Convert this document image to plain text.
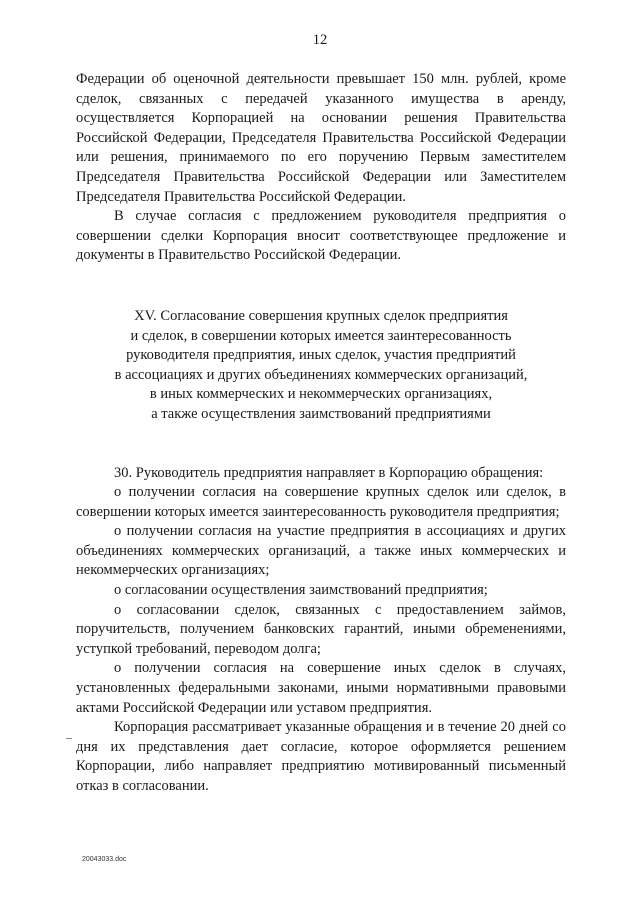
12

Федерации об оценочной деятельности превышает 150 млн. рублей, кроме сделок, связанных с передачей указанного имущества в аренду, осуществляется Корпорацией на основании решения Правительства Российской Федерации, Председателя Правительства Российской Федерации или решения, принимаемого по его поручению Первым заместителем Председателя Правительства Российской Федерации или Заместителем Председателя Правительства Российской Федерации.

В случае согласия с предложением руководителя предприятия о совершении сделки Корпорация вносит соответствующее предложение и документы в Правительство Российской Федерации.

XV. Согласование совершения крупных сделок предприятия
и сделок, в совершении которых имеется заинтересованность
руководителя предприятия, иных сделок, участия предприятий
в ассоциациях и других объединениях коммерческих организаций,
в иных коммерческих и некоммерческих организациях,
а также осуществления заимствований предприятиями

30. Руководитель предприятия направляет в Корпорацию обращения:

о получении согласия на совершение крупных сделок или сделок, в совершении которых имеется заинтересованность руководителя предприятия;

о получении согласия на участие предприятия в ассоциациях и других объединениях коммерческих организаций, а также иных коммерческих и некоммерческих организациях;

о согласовании осуществления заимствований предприятия;

о согласовании сделок, связанных с предоставлением займов, поручительств, получением банковских гарантий, иными обременениями, уступкой требований, переводом долга;

о получении согласия на совершение иных сделок в случаях, установленных федеральными законами, иными нормативными правовыми актами Российской Федерации или уставом предприятия.

Корпорация рассматривает указанные обращения и в течение 20 дней со дня их представления дает согласие, которое оформляется решением Корпорации, либо направляет предприятию мотивированный письменный отказ в согласовании.

20043033.doc
